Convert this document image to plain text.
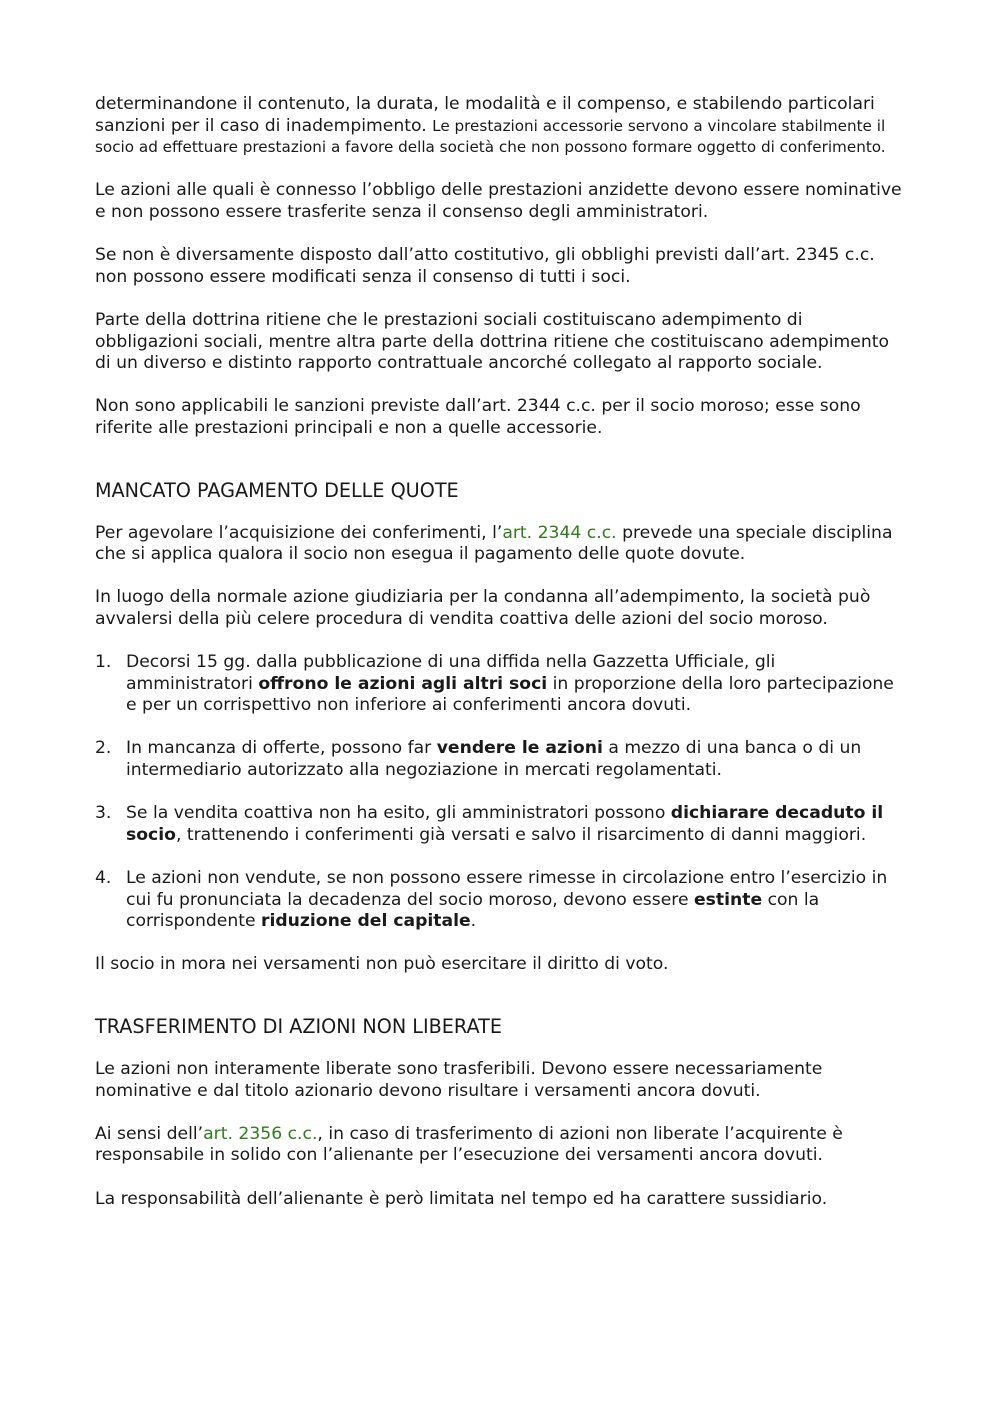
determinandone il contenuto, la durata, le modalità e il compenso, e stabilendo particolari sanzioni per il caso di inadempimento. Le prestazioni accessorie servono a vincolare stabilmente il socio ad effettuare prestazioni a favore della società che non possono formare oggetto di conferimento.

Le azioni alle quali è connesso l’obbligo delle prestazioni anzidette devono essere nominative e non possono essere trasferite senza il consenso degli amministratori.

Se non è diversamente disposto dall’atto costitutivo, gli obblighi previsti dall’art. 2345 c.c. non possono essere modificati senza il consenso di tutti i soci.

Parte della dottrina ritiene che le prestazioni sociali costituiscano adempimento di obbligazioni sociali, mentre altra parte della dottrina ritiene che costituiscano adempimento di un diverso e distinto rapporto contrattuale ancorché collegato al rapporto sociale.

Non sono applicabili le sanzioni previste dall’art. 2344 c.c. per il socio moroso; esse sono riferite alle prestazioni principali e non a quelle accessorie.

MANCATO PAGAMENTO DELLE QUOTE

Per agevolare l’acquisizione dei conferimenti, l’art. 2344 c.c. prevede una speciale disciplina che si applica qualora il socio non esegua il pagamento delle quote dovute.

In luogo della normale azione giudiziaria per la condanna all’adempimento, la società può avvalersi della più celere procedura di vendita coattiva delle azioni del socio moroso.

1. Decorsi 15 gg. dalla pubblicazione di una diffida nella Gazzetta Ufficiale, gli amministratori offrono le azioni agli altri soci in proporzione della loro partecipazione e per un corrispettivo non inferiore ai conferimenti ancora dovuti.
2. In mancanza di offerte, possono far vendere le azioni a mezzo di una banca o di un intermediario autorizzato alla negoziazione in mercati regolamentati.
3. Se la vendita coattiva non ha esito, gli amministratori possono dichiarare decaduto il socio, trattenendo i conferimenti già versati e salvo il risarcimento di danni maggiori.
4. Le azioni non vendute, se non possono essere rimesse in circolazione entro l’esercizio in cui fu pronunciata la decadenza del socio moroso, devono essere estinte con la corrispondente riduzione del capitale.

Il socio in mora nei versamenti non può esercitare il diritto di voto.

TRASFERIMENTO DI AZIONI NON LIBERATE

Le azioni non interamente liberate sono trasferibili. Devono essere necessariamente nominative e dal titolo azionario devono risultare i versamenti ancora dovuti.

Ai sensi dell’art. 2356 c.c., in caso di trasferimento di azioni non liberate l’acquirente è responsabile in solido con l’alienante per l’esecuzione dei versamenti ancora dovuti.

La responsabilità dell’alienante è però limitata nel tempo ed ha carattere sussidiario.
